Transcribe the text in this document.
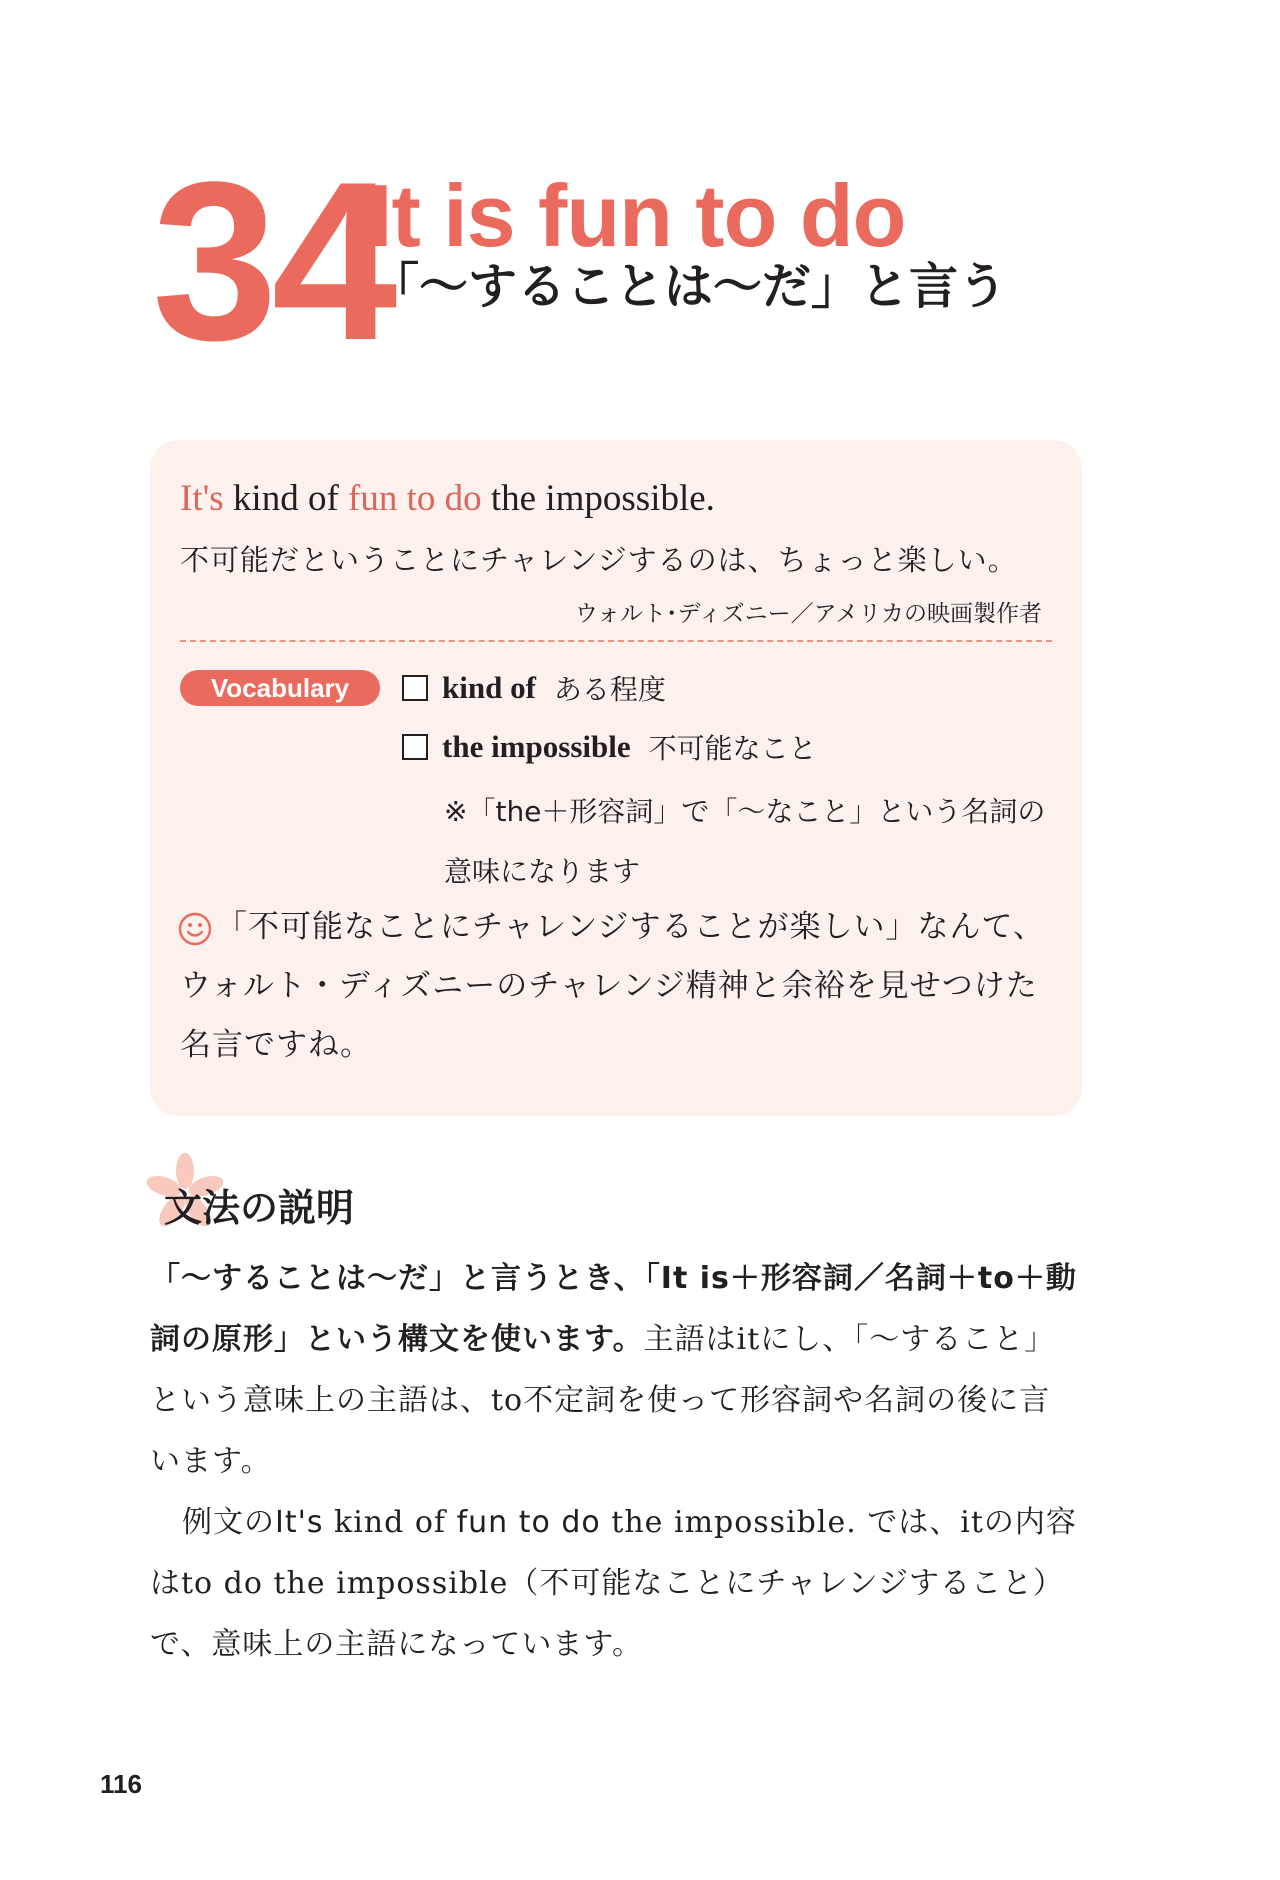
34
It is fun to do
「～することは～だ」と言う
It's kind of fun to do the impossible.
不可能だということにチャレンジするのは、ちょっと楽しい。
ウォルト･ディズニー／アメリカの映画製作者
Vocabulary	kind of ある程度
the impossible 不可能なこと
※「the＋形容詞」で「～なこと」という名詞の意味になります
「不可能なことにチャレンジすることが楽しい」なんて、ウォルト・ディズニーのチャレンジ精神と余裕を見せつけた名言ですね。
文法の説明
「～することは～だ」と言うとき、「It is＋形容詞／名詞＋to＋動詞の原形」という構文を使います。主語はitにし、「～すること」という意味上の主語は、to不定詞を使って形容詞や名詞の後に言います。
例文のIt's kind of fun to do the impossible. では、itの内容はto do the impossible（不可能なことにチャレンジすること）で、意味上の主語になっています。
116
